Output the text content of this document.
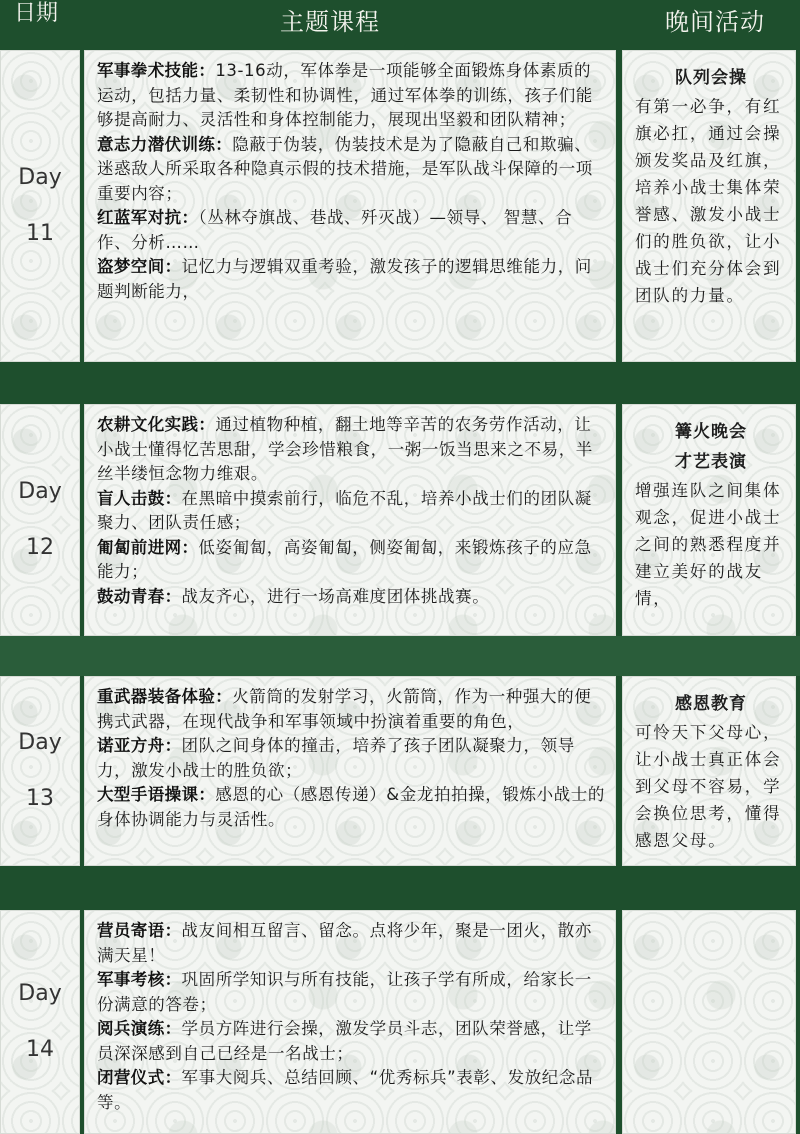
日期	主题课程	晚间活动
Day
11

军事拳术技能：13-16动，军体拳是一项能够全面锻炼身体素质的运动，包括力量、柔韧性和协调性，通过军体拳的训练，孩子们能够提高耐力、灵活性和身体控制能力，展现出坚毅和团队精神；

意志力潜伏训练：隐蔽于伪装，伪装技术是为了隐蔽自己和欺骗、迷惑敌人所采取各种隐真示假的技术措施，是军队战斗保障的一项重要内容；

红蓝军对抗：（丛林夺旗战、巷战、歼灭战）—领导、 智慧、合作、分析……

盗梦空间：记忆力与逻辑双重考验，激发孩子的逻辑思维能力，问题判断能力，

队列会操
有第一必争，有红旗必扛，通过会操颁发奖品及红旗，培养小战士集体荣誉感、激发小战士们的胜负欲，让小战士们充分体会到团队的力量。
Day
12

农耕文化实践：通过植物种植，翻土地等辛苦的农务劳作活动，让小战士懂得忆苦思甜，学会珍惜粮食，一粥一饭当思来之不易，半丝半缕恒念物力维艰。

盲人击鼓：在黑暗中摸索前行，临危不乱，培养小战士们的团队凝聚力、团队责任感；

匍匐前进网：低姿匍匐，高姿匍匐，侧姿匍匐，来锻炼孩子的应急能力；

鼓动青春：战友齐心，进行一场高难度团体挑战赛。

篝火晚会
才艺表演
增强连队之间集体观念，促进小战士之间的熟悉程度并建立美好的战友情，
Day
13

重武器装备体验：火箭筒的发射学习，火箭筒，作为一种强大的便携式武器，在现代战争和军事领域中扮演着重要的角色，

诺亚方舟：团队之间身体的撞击，培养了孩子团队凝聚力，领导力，激发小战士的胜负欲；

大型手语操课：感恩的心（感恩传递）&金龙拍拍操，锻炼小战士的身体协调能力与灵活性。

感恩教育
可怜天下父母心，让小战士真正体会到父母不容易，学会换位思考，懂得感恩父母。
Day
14

营员寄语：战友间相互留言、留念。点将少年，聚是一团火，散亦满天星！

军事考核：巩固所学知识与所有技能，让孩子学有所成，给家长一份满意的答卷；

阅兵演练：学员方阵进行会操，激发学员斗志，团队荣誉感，让学员深深感到自己已经是一名战士；

闭营仪式：军事大阅兵、总结回顾、“优秀标兵”表彰、发放纪念品等。
